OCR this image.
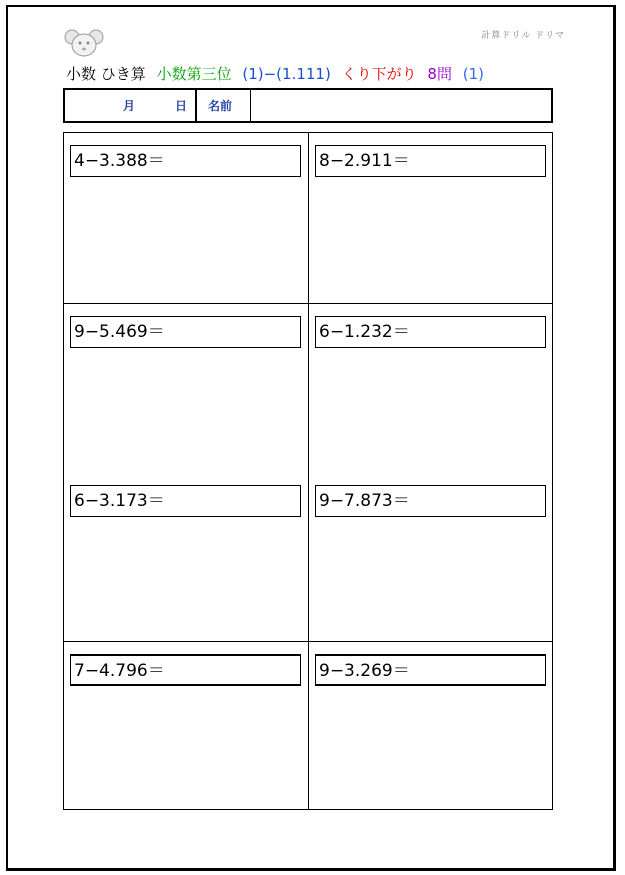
計算ドリル ドリマ
小数 ひき算 小数第三位 (1)−(1.111) くり下がり 8問 (1)
月	日 名前
4−3.388＝	8−2.911＝
9−5.469＝	6−1.232＝
6−3.173＝	9−7.873＝
7−4.796＝	9−3.269＝
